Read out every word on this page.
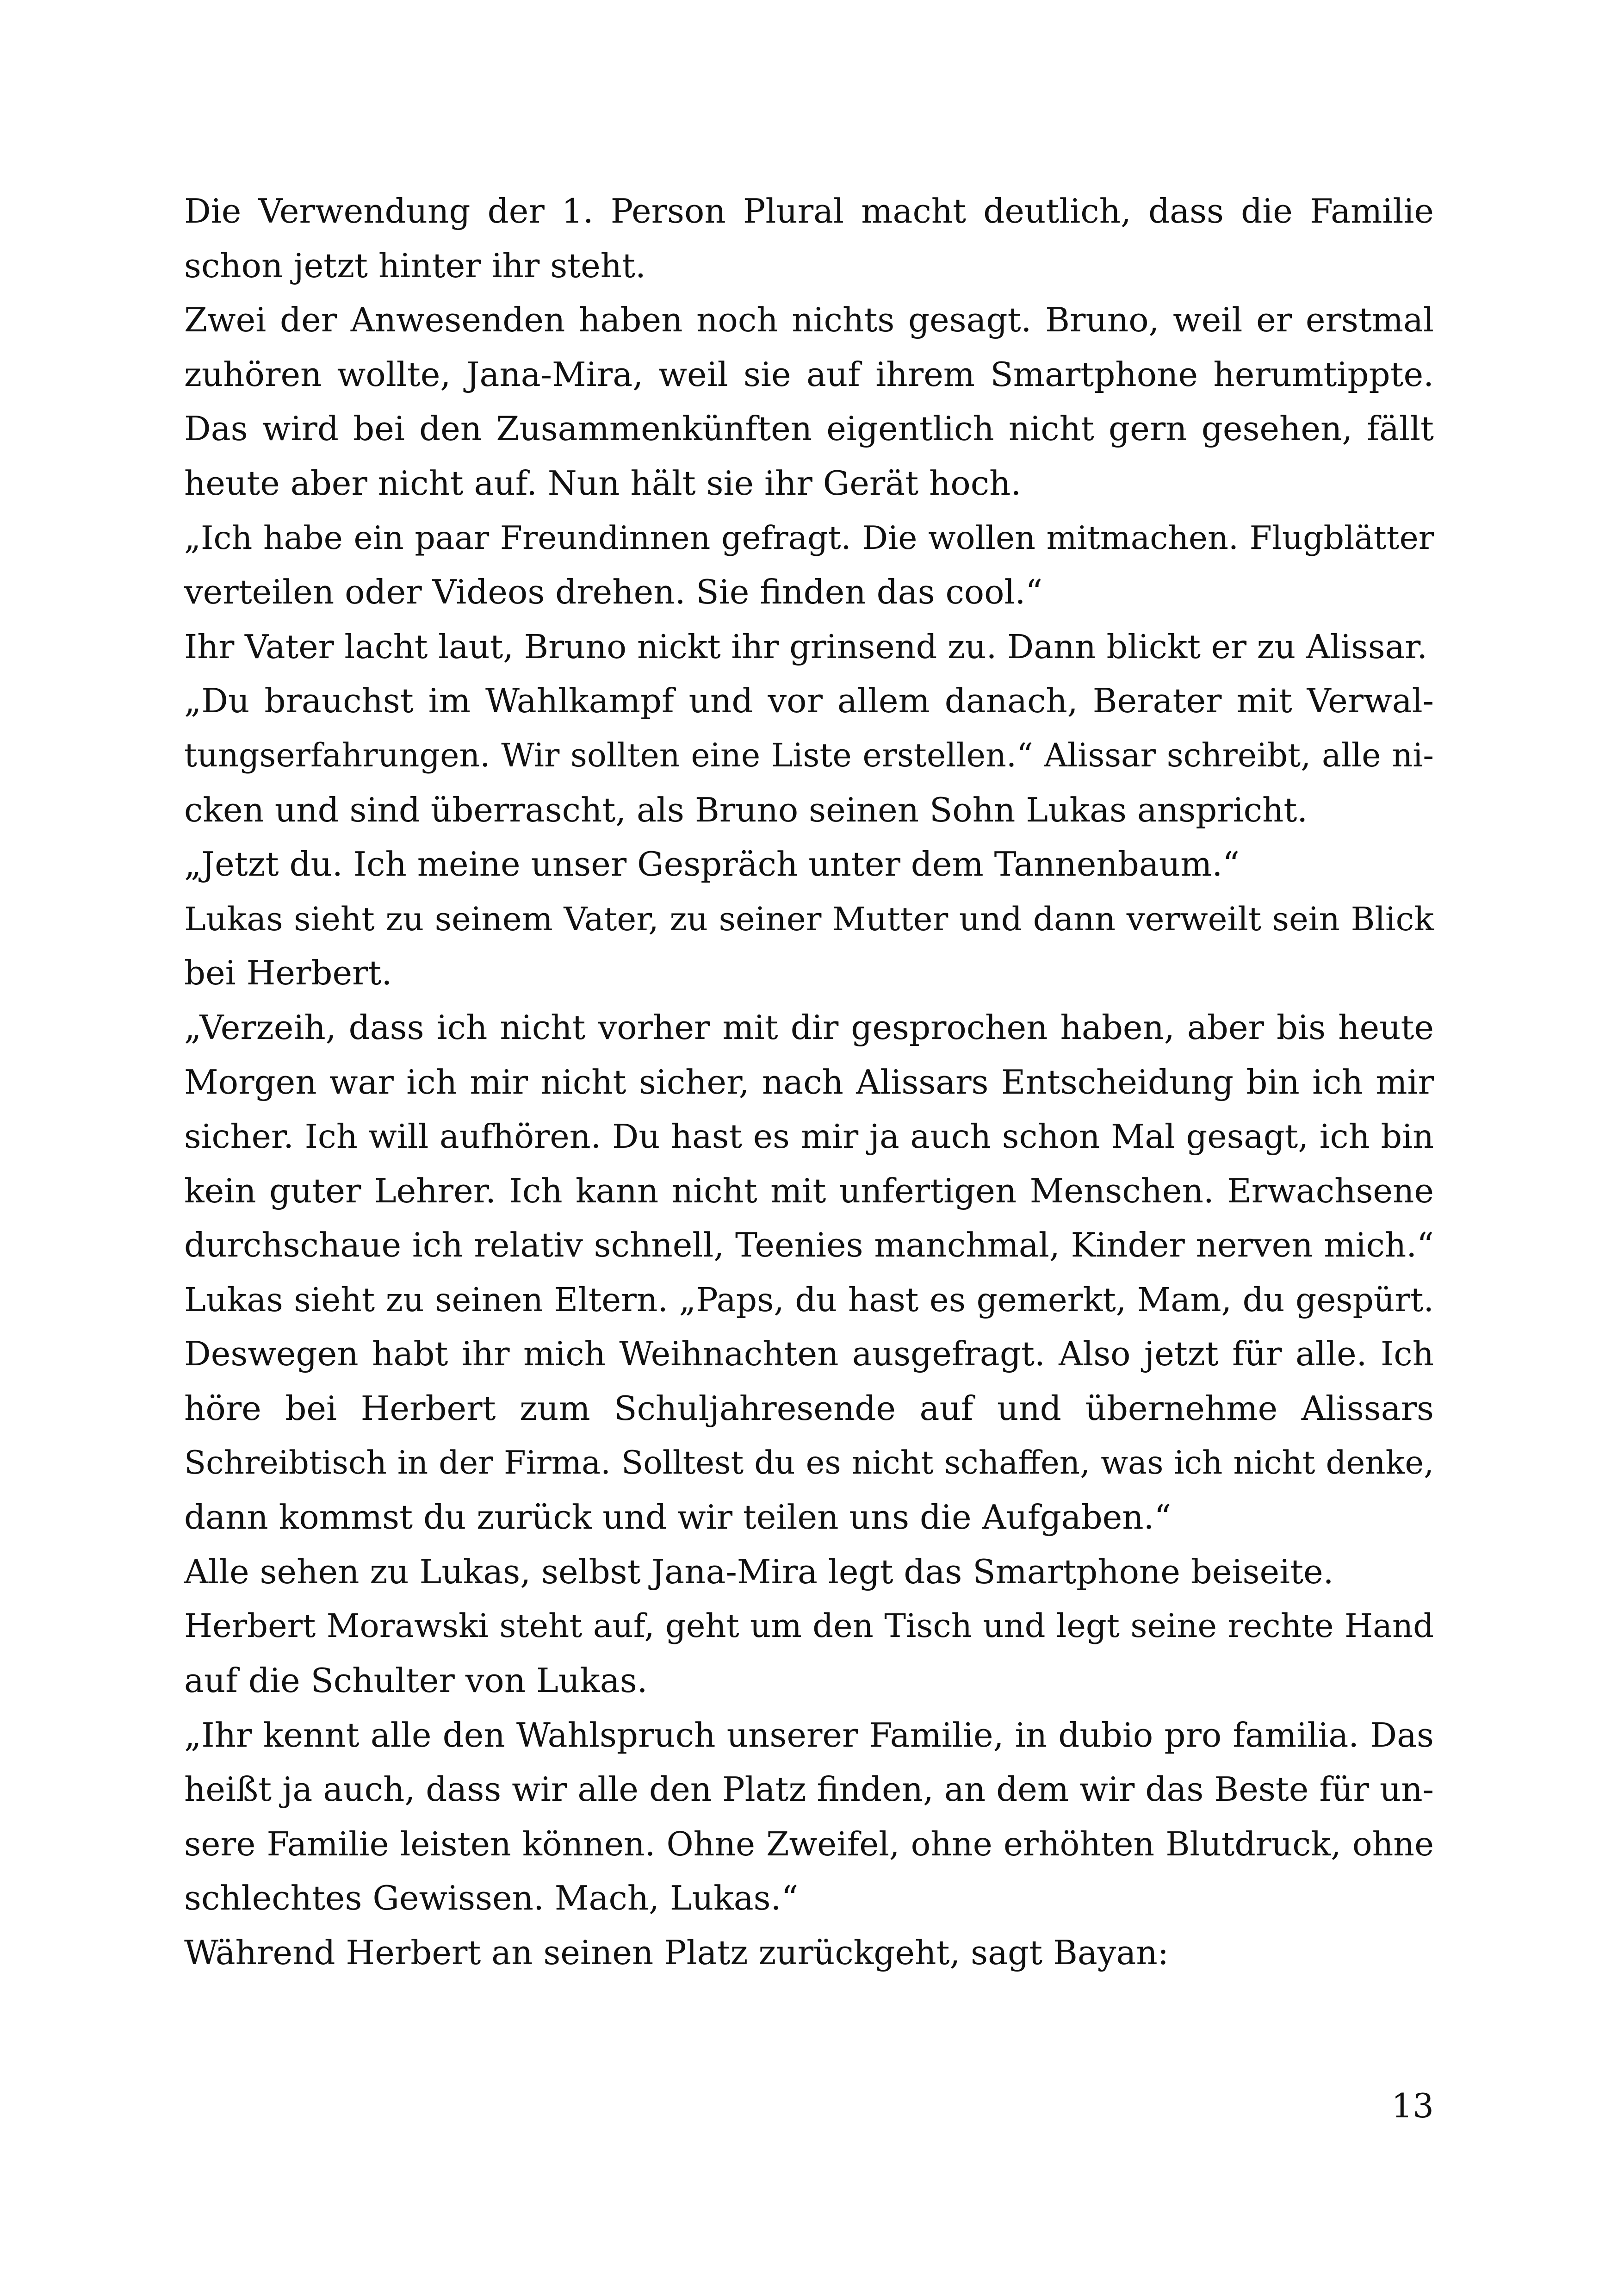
Die Verwendung der 1. Person Plural macht deutlich, dass die Familie
schon jetzt hinter ihr steht.
Zwei der Anwesenden haben noch nichts gesagt. Bruno, weil er erstmal
zuhören wollte, Jana-Mira, weil sie auf ihrem Smartphone herumtippte.
Das wird bei den Zusammenkünften eigentlich nicht gern gesehen, fällt
heute aber nicht auf. Nun hält sie ihr Gerät hoch.
„Ich habe ein paar Freundinnen gefragt. Die wollen mitmachen. Flugblätter
verteilen oder Videos drehen. Sie finden das cool.“
Ihr Vater lacht laut, Bruno nickt ihr grinsend zu. Dann blickt er zu Alissar.
„Du brauchst im Wahlkampf und vor allem danach, Berater mit Verwal-
tungserfahrungen. Wir sollten eine Liste erstellen.“ Alissar schreibt, alle ni-
cken und sind überrascht, als Bruno seinen Sohn Lukas anspricht.
„Jetzt du. Ich meine unser Gespräch unter dem Tannenbaum.“
Lukas sieht zu seinem Vater, zu seiner Mutter und dann verweilt sein Blick
bei Herbert.
„Verzeih, dass ich nicht vorher mit dir gesprochen haben, aber bis heute
Morgen war ich mir nicht sicher, nach Alissars Entscheidung bin ich mir
sicher. Ich will aufhören. Du hast es mir ja auch schon Mal gesagt, ich bin
kein guter Lehrer. Ich kann nicht mit unfertigen Menschen. Erwachsene
durchschaue ich relativ schnell, Teenies manchmal, Kinder nerven mich.“
Lukas sieht zu seinen Eltern. „Paps, du hast es gemerkt, Mam, du gespürt.
Deswegen habt ihr mich Weihnachten ausgefragt. Also jetzt für alle. Ich
höre bei Herbert zum Schuljahresende auf und übernehme Alissars
Schreibtisch in der Firma. Solltest du es nicht schaffen, was ich nicht denke,
dann kommst du zurück und wir teilen uns die Aufgaben.“
Alle sehen zu Lukas, selbst Jana-Mira legt das Smartphone beiseite.
Herbert Morawski steht auf, geht um den Tisch und legt seine rechte Hand
auf die Schulter von Lukas.
„Ihr kennt alle den Wahlspruch unserer Familie, in dubio pro familia. Das
heißt ja auch, dass wir alle den Platz finden, an dem wir das Beste für un-
sere Familie leisten können. Ohne Zweifel, ohne erhöhten Blutdruck, ohne
schlechtes Gewissen. Mach, Lukas.“
Während Herbert an seinen Platz zurückgeht, sagt Bayan:
13
